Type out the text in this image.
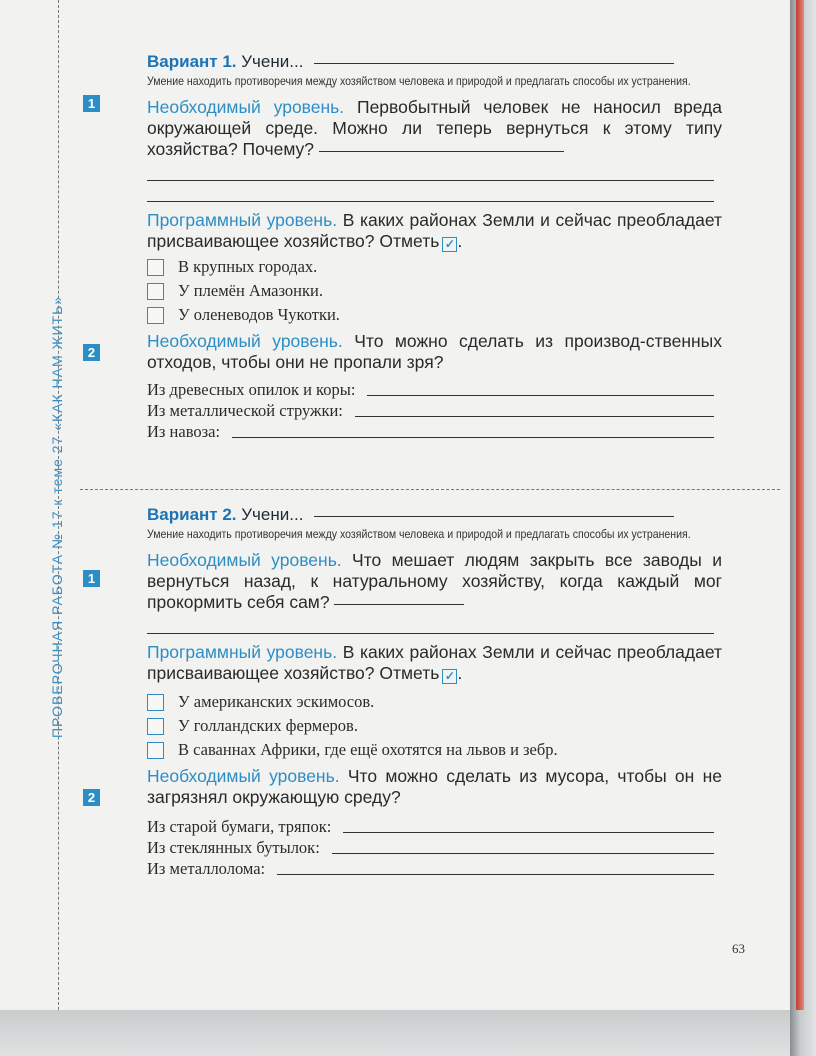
ПРОВЕРОЧНАЯ РАБОТА № 17 к теме 27 «КАК НАМ ЖИТЬ»
1
2
Вариант 1. Учени...
Умение находить противоречия между хозяйством человека и природой и предлагать способы их устранения.
Необходимый уровень. Первобытный человек не наносил вреда окружающей среде. Можно ли теперь вернуться к этому типу хозяйства? Почему?
Программный уровень. В каких районах Земли и сейчас преобладает присваивающее хозяйство? Отметь ✓ .
В крупных городах.
У племён Амазонки.
У оленеводов Чукотки.
Необходимый уровень. Что можно сделать из производ-ственных отходов, чтобы они не пропали зря?
Из древесных опилок и коры:
Из металлической стружки:
Из навоза:
1
2
Вариант 2. Учени...
Умение находить противоречия между хозяйством человека и природой и предлагать способы их устранения.
Необходимый уровень. Что мешает людям закрыть все заводы и вернуться назад, к натуральному хозяйству, когда каждый мог прокормить себя сам?
Программный уровень. В каких районах Земли и сейчас преобладает присваивающее хозяйство? Отметь ✓ .
У американских эскимосов.
У голландских фермеров.
В саваннах Африки, где ещё охотятся на львов и зебр.
Необходимый уровень. Что можно сделать из мусора, чтобы он не загрязнял окружающую среду?
Из старой бумаги, тряпок:
Из стеклянных бутылок:
Из металлолома:
63
